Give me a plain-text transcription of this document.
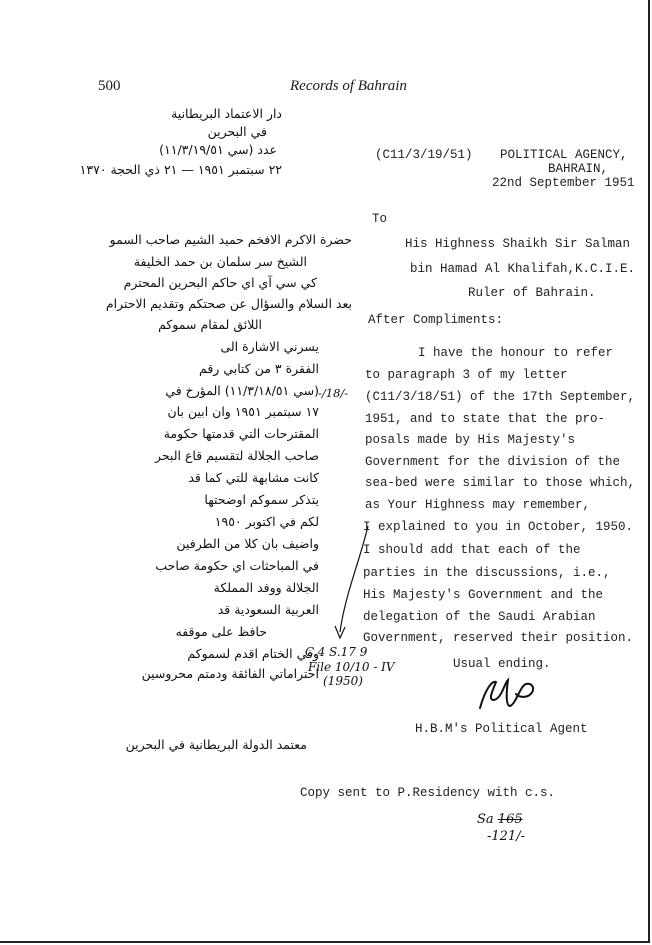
500	Records of Bahrain
دار الاعتماد البريطانية
في البحرين
عدد (سي ١١/٣/١٩/٥١)
٢٢ سبتمبر ١٩٥١ — ٢١ ذي الحجة ١٣٧٠
(C11/3/19/51) POLITICAL AGENCY,
BAHRAIN,
22nd September 1951
To
His Highness Shaikh Sir Salman
bin Hamad Al Khalifah,K.C.I.E.
Ruler of Bahrain.
After Compliments:
I have the honour to refer
to paragraph 3 of my letter
(C11/3/18/51) of the 17th September,
1951, and to state that the pro-
posals made by His Majesty's
Government for the division of the
sea-bed were similar to those which,
as Your Highness may remember,
I explained to you in October, 1950.
I should add that each of the
parties in the discussions, i.e.,
His Majesty's Government and the
delegation of the Saudi Arabian
Government, reserved their position.
Usual ending.
H.B.M's Political Agent
Copy sent to P.Residency with c.s.
حضرة الاكرم الافخم حميد الشيم صاحب السمو
الشيخ سر سلمان بن حمد الخليفة
كي سي آي اي حاكم البحرين المحترم
بعد السلام والسؤال عن صحتكم وتقديم الاحترام
اللائق لمقام سموكم
يسرني الاشارة الى
الفقرة ٣ من كتابي رقم
(سي ١١/٣/١٨/٥١) المؤرخ في
١٧ سبتمبر ١٩٥١ وان ابين بان
المقترحات التي قدمتها حكومة
صاحب الجلالة لتقسيم قاع البحر
كانت مشابهة للتي كما قد
يتذكر سموكم اوضحتها
لكم في اكتوبر ١٩٥٠
واضيف بان كلا من الطرفين
في المباحثات اي حكومة صاحب
الجلالة ووفد المملكة
العربية السعودية قد
حافظ على موقفه
وفي الختام اقدم لسموكم
احتراماتي الفائقة ودمتم محروسين
معتمد الدولة البريطانية في البحرين
-/18/-
C.4 S.17 9
File 10/10 - IV
(1950)
Sa 165
-121/-
